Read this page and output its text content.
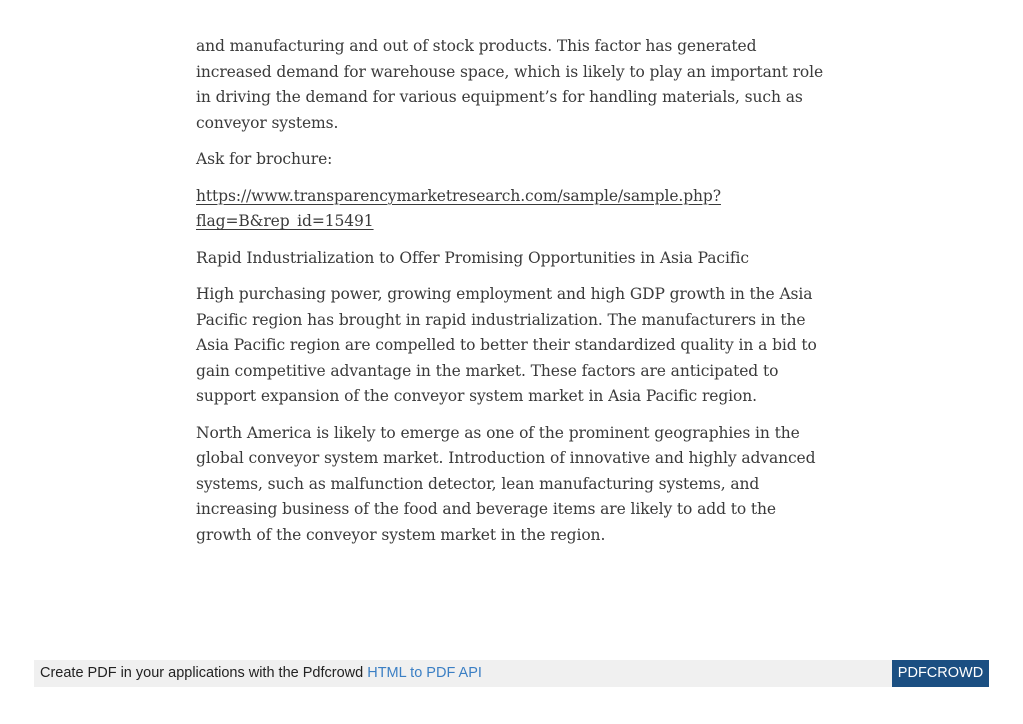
and manufacturing and out of stock products. This factor has generated increased demand for warehouse space, which is likely to play an important role in driving the demand for various equipment’s for handling materials, such as conveyor systems.

Ask for brochure:

https://www.transparencymarketresearch.com/sample/sample.php?
flag=B&rep_id=15491

Rapid Industrialization to Offer Promising Opportunities in Asia Pacific

High purchasing power, growing employment and high GDP growth in the Asia Pacific region has brought in rapid industrialization. The manufacturers in the Asia Pacific region are compelled to better their standardized quality in a bid to gain competitive advantage in the market. These factors are anticipated to support expansion of the conveyor system market in Asia Pacific region.

North America is likely to emerge as one of the prominent geographies in the global conveyor system market. Introduction of innovative and highly advanced systems, such as malfunction detector, lean manufacturing systems, and increasing business of the food and beverage items are likely to add to the growth of the conveyor system market in the region.

Create PDF in your applications with the Pdfcrowd HTML to PDF API	PDFCROWD
